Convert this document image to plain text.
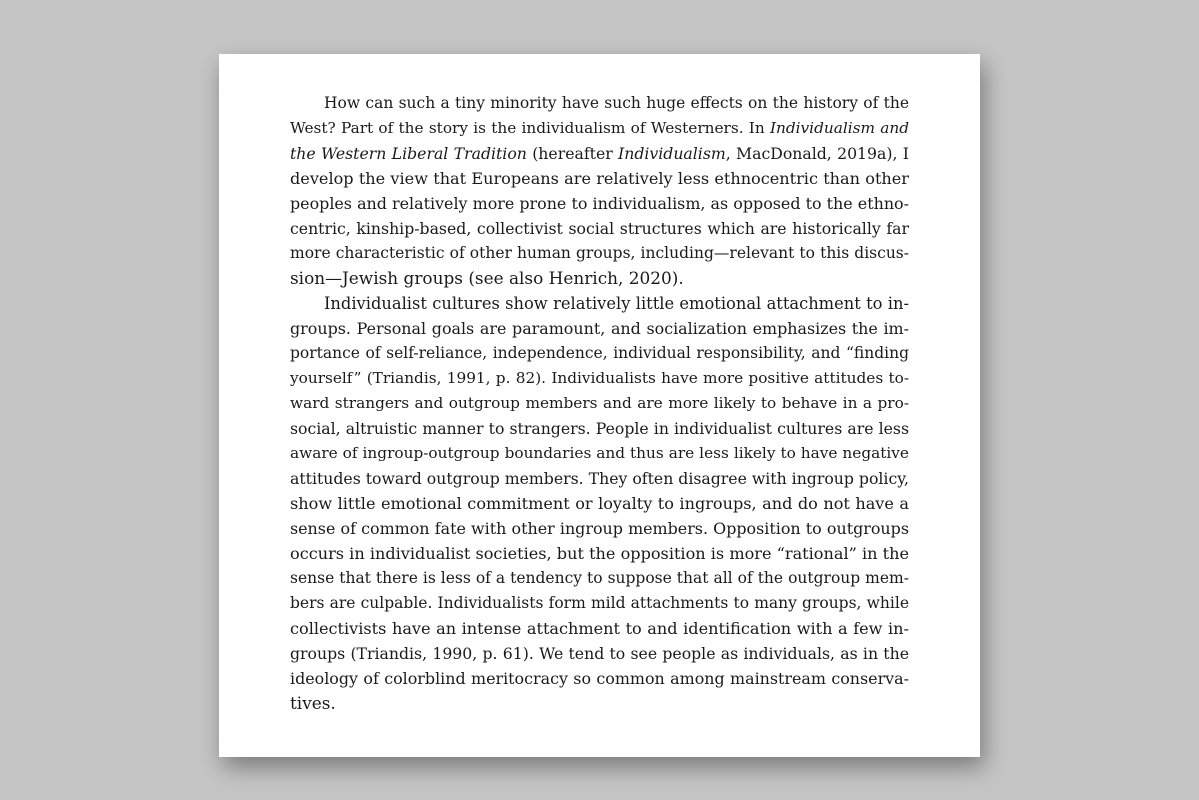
How can such a tiny minority have such huge effects on the history of the
West? Part of the story is the individualism of Westerners. In Individualism and
the Western Liberal Tradition (hereafter Individualism, MacDonald, 2019a), I
develop the view that Europeans are relatively less ethnocentric than other
peoples and relatively more prone to individualism, as opposed to the ethno-
centric, kinship-based, collectivist social structures which are historically far
more characteristic of other human groups, including—relevant to this discus-
sion—Jewish groups (see also Henrich, 2020).
Individualist cultures show relatively little emotional attachment to in-
groups. Personal goals are paramount, and socialization emphasizes the im-
portance of self-reliance, independence, individual responsibility, and “finding
yourself” (Triandis, 1991, p. 82). Individualists have more positive attitudes to-
ward strangers and outgroup members and are more likely to behave in a pro-
social, altruistic manner to strangers. People in individualist cultures are less
aware of ingroup-outgroup boundaries and thus are less likely to have negative
attitudes toward outgroup members. They often disagree with ingroup policy,
show little emotional commitment or loyalty to ingroups, and do not have a
sense of common fate with other ingroup members. Opposition to outgroups
occurs in individualist societies, but the opposition is more “rational” in the
sense that there is less of a tendency to suppose that all of the outgroup mem-
bers are culpable. Individualists form mild attachments to many groups, while
collectivists have an intense attachment to and identification with a few in-
groups (Triandis, 1990, p. 61). We tend to see people as individuals, as in the
ideology of colorblind meritocracy so common among mainstream conserva-
tives.
